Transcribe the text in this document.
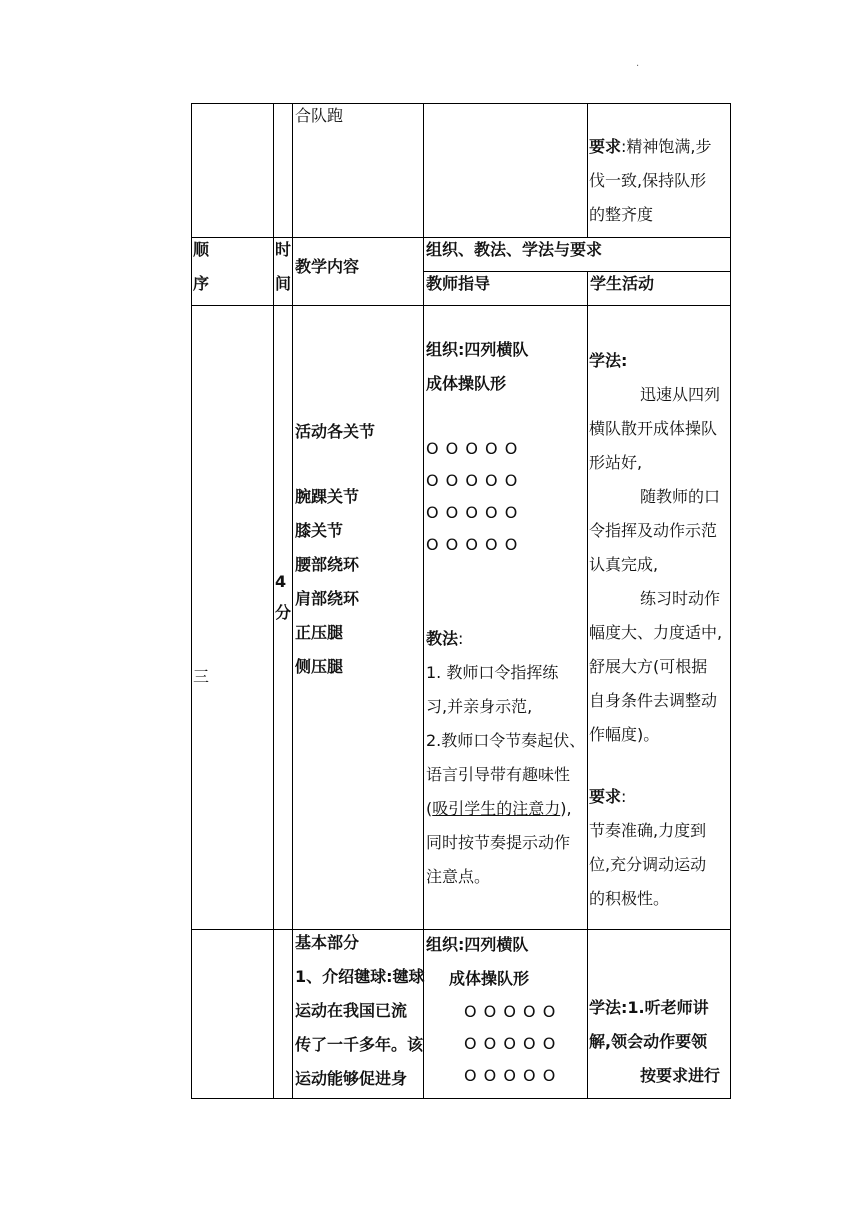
.
合队跑
要求:精神饱满,步
伐一致,保持队形
的整齐度
顺
序
时
间
教学内容
组织、教法、学法与要求
教师指导	学生活动
三
4
分
活动各关节
腕踝关节
膝关节
腰部绕环
肩部绕环
正压腿
侧压腿
组织:四列横队
成体操队形
O O O O O
O O O O O
O O O O O
O O O O O
教法:
1. 教师口令指挥练
习,并亲身示范,
2.教师口令节奏起伏、
语言引导带有趣味性
(吸引学生的注意力),
同时按节奏提示动作
注意点。
学法:
迅速从四列
横队散开成体操队
形站好,
随教师的口
令指挥及动作示范
认真完成,
练习时动作
幅度大、力度适中,
舒展大方(可根据
自身条件去调整动
作幅度)。
要求:
节奏准确,力度到
位,充分调动运动
的积极性。
基本部分
1、介绍毽球:毽球
运动在我国已流
传了一千多年。该
运动能够促进身
组织:四列横队
成体操队形
O O O O O
O O O O O
O O O O O
学法:1.听老师讲
解,领会动作要领
按要求进行
